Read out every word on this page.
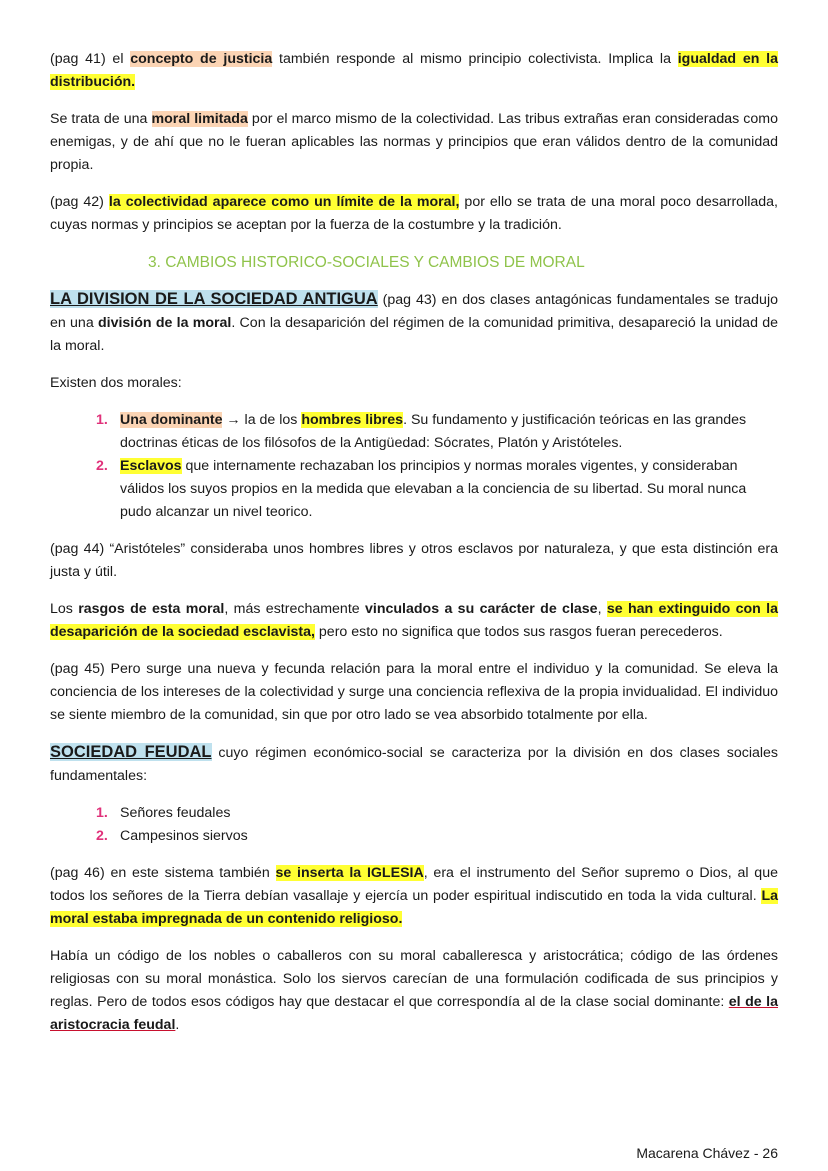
(pag 41) el concepto de justicia también responde al mismo principio colectivista. Implica la igualdad en la distribución.

Se trata de una moral limitada por el marco mismo de la colectividad. Las tribus extrañas eran consideradas como enemigas, y de ahí que no le fueran aplicables las normas y principios que eran válidos dentro de la comunidad propia.

(pag 42) la colectividad aparece como un límite de la moral, por ello se trata de una moral poco desarrollada, cuyas normas y principios se aceptan por la fuerza de la costumbre y la tradición.

3. CAMBIOS HISTORICO-SOCIALES Y CAMBIOS DE MORAL

LA DIVISION DE LA SOCIEDAD ANTIGUA (pag 43) en dos clases antagónicas fundamentales se tradujo en una división de la moral. Con la desaparición del régimen de la comunidad primitiva, desapareció la unidad de la moral.

Existen dos morales:

1. Una dominante → la de los hombres libres. Su fundamento y justificación teóricas en las grandes doctrinas éticas de los filósofos de la Antigüedad: Sócrates, Platón y Aristóteles.
2. Esclavos que internamente rechazaban los principios y normas morales vigentes, y consideraban válidos los suyos propios en la medida que elevaban a la conciencia de su libertad. Su moral nunca pudo alcanzar un nivel teorico.

(pag 44) “Aristóteles” consideraba unos hombres libres y otros esclavos por naturaleza, y que esta distinción era justa y útil.

Los rasgos de esta moral, más estrechamente vinculados a su carácter de clase, se han extinguido con la desaparición de la sociedad esclavista, pero esto no significa que todos sus rasgos fueran perecederos.

(pag 45) Pero surge una nueva y fecunda relación para la moral entre el individuo y la comunidad. Se eleva la conciencia de los intereses de la colectividad y surge una conciencia reflexiva de la propia invidualidad. El individuo se siente miembro de la comunidad, sin que por otro lado se vea absorbido totalmente por ella.

SOCIEDAD FEUDAL cuyo régimen económico-social se caracteriza por la división en dos clases sociales fundamentales:

1. Señores feudales
2. Campesinos siervos

(pag 46) en este sistema también se inserta la IGLESIA, era el instrumento del Señor supremo o Dios, al que todos los señores de la Tierra debían vasallaje y ejercía un poder espiritual indiscutido en toda la vida cultural. La moral estaba impregnada de un contenido religioso.

Había un código de los nobles o caballeros con su moral caballeresca y aristocrática; código de las órdenes religiosas con su moral monástica. Solo los siervos carecían de una formulación codificada de sus principios y reglas. Pero de todos esos códigos hay que destacar el que correspondía al de la clase social dominante: el de la aristocracia feudal.

Macarena Chávez - 26
